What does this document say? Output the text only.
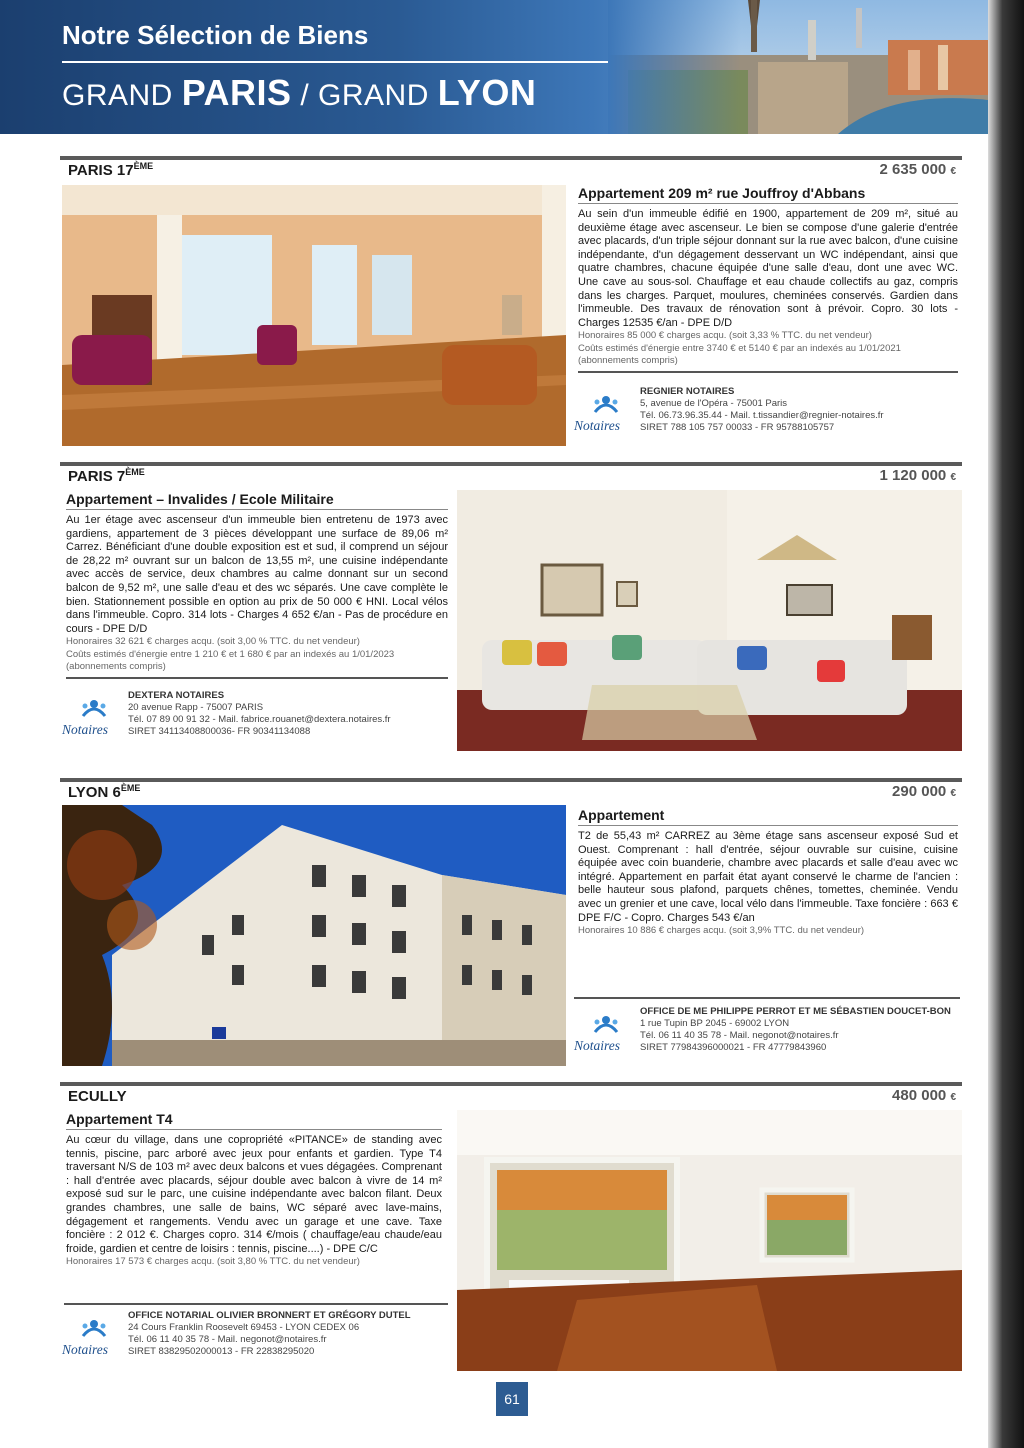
Notre Sélection de Biens
GRAND PARIS / GRAND LYON
PARIS 17ÈME	2 635 000 €
Appartement 209 m² rue Jouffroy d'Abbans
Au sein d'un immeuble édifié en 1900, appartement de 209 m², situé au deuxième étage avec ascenseur. Le bien se compose d'une galerie d'entrée avec placards, d'un triple séjour donnant sur la rue avec balcon, d'une cuisine indépendante, d'un dégagement desservant un WC indépendant, ainsi que quatre chambres, chacune équipée d'une salle d'eau, dont une avec WC. Une cave au sous-sol. Chauffage et eau chaude collectifs au gaz, compris dans les charges. Parquet, moulures, cheminées conservés. Gardien dans l'immeuble. Des travaux de rénovation sont à prévoir. Copro. 30 lots - Charges 12535 €/an - DPE D/D
Honoraires 85 000 € charges acqu. (soit 3,33 % TTC. du net vendeur)
Coûts estimés d'énergie entre 3740 € et 5140 € par an indexés au 1/01/2021 (abonnements compris)
Notaires
REGNIER NOTAIRES
5, avenue de l'Opéra - 75001 Paris
Tél. 06.73.96.35.44 - Mail. t.tissandier@regnier-notaires.fr
SIRET 788 105 757 00033 - FR 95788105757
PARIS 7ÈME	1 120 000 €
Appartement – Invalides / Ecole Militaire
Au 1er étage avec ascenseur d'un immeuble bien entretenu de 1973 avec gardiens, appartement de 3 pièces développant une surface de 89,06 m² Carrez. Bénéficiant d'une double exposition est et sud, il comprend un séjour de 28,22 m² ouvrant sur un balcon de 13,55 m², une cuisine indépendante avec accès de service, deux chambres au calme donnant sur un second balcon de 9,52 m², une salle d'eau et des wc séparés. Une cave complète le bien. Stationnement possible en option au prix de 50 000 € HNI. Local vélos dans l'immeuble. Copro. 314 lots - Charges 4 652 €/an - Pas de procédure en cours - DPE D/D
Honoraires 32 621 € charges acqu. (soit 3,00 % TTC. du net vendeur)
Coûts estimés d'énergie entre 1 210 € et 1 680 € par an indexés au 1/01/2023 (abonnements compris)
Notaires
DEXTERA NOTAIRES
20 avenue Rapp - 75007 PARIS
Tél. 07 89 00 91 32 - Mail. fabrice.rouanet@dextera.notaires.fr
SIRET 34113408800036- FR 90341134088
LYON 6ÈME	290 000 €
Appartement
T2 de 55,43 m² CARREZ au 3ème étage sans ascenseur exposé Sud et Ouest. Comprenant : hall d'entrée, séjour ouvrable sur cuisine, cuisine équipée avec coin buanderie, chambre avec placards et salle d'eau avec wc intégré. Appartement en parfait état ayant conservé le charme de l'ancien : belle hauteur sous plafond, parquets chênes, tomettes, cheminée. Vendu avec un grenier et une cave, local vélo dans l'immeuble. Taxe foncière : 663 € DPE F/C - Copro. Charges 543 €/an
Honoraires 10 886 € charges acqu. (soit 3,9% TTC. du net vendeur)
Notaires
OFFICE DE ME PHILIPPE PERROT ET ME SÉBASTIEN DOUCET-BON
1 rue Tupin BP 2045 - 69002 LYON
Tél. 06 11 40 35 78 - Mail. negonot@notaires.fr
SIRET 77984396000021 - FR 47779843960
ECULLY	480 000 €
Appartement T4
Au cœur du village, dans une copropriété «PITANCE» de standing avec tennis, piscine, parc arboré avec jeux pour enfants et gardien. Type T4 traversant N/S de 103 m² avec deux balcons et vues dégagées. Comprenant : hall d'entrée avec placards, séjour double avec balcon à vivre de 14 m² exposé sud sur le parc, une cuisine indépendante avec balcon filant. Deux grandes chambres, une salle de bains, WC séparé avec lave-mains, dégagement et rangements. Vendu avec un garage et une cave. Taxe foncière : 2 012 €. Charges copro. 314 €/mois ( chauffage/eau chaude/eau froide, gardien et centre de loisirs : tennis, piscine....) - DPE C/C
Honoraires 17 573 € charges acqu. (soit 3,80 % TTC. du net vendeur)
Notaires
OFFICE NOTARIAL OLIVIER BRONNERT ET GRÉGORY DUTEL
24 Cours Franklin Roosevelt 69453 - LYON CEDEX 06
Tél. 06 11 40 35 78 - Mail. negonot@notaires.fr
SIRET 83829502000013 - FR 22838295020
61
